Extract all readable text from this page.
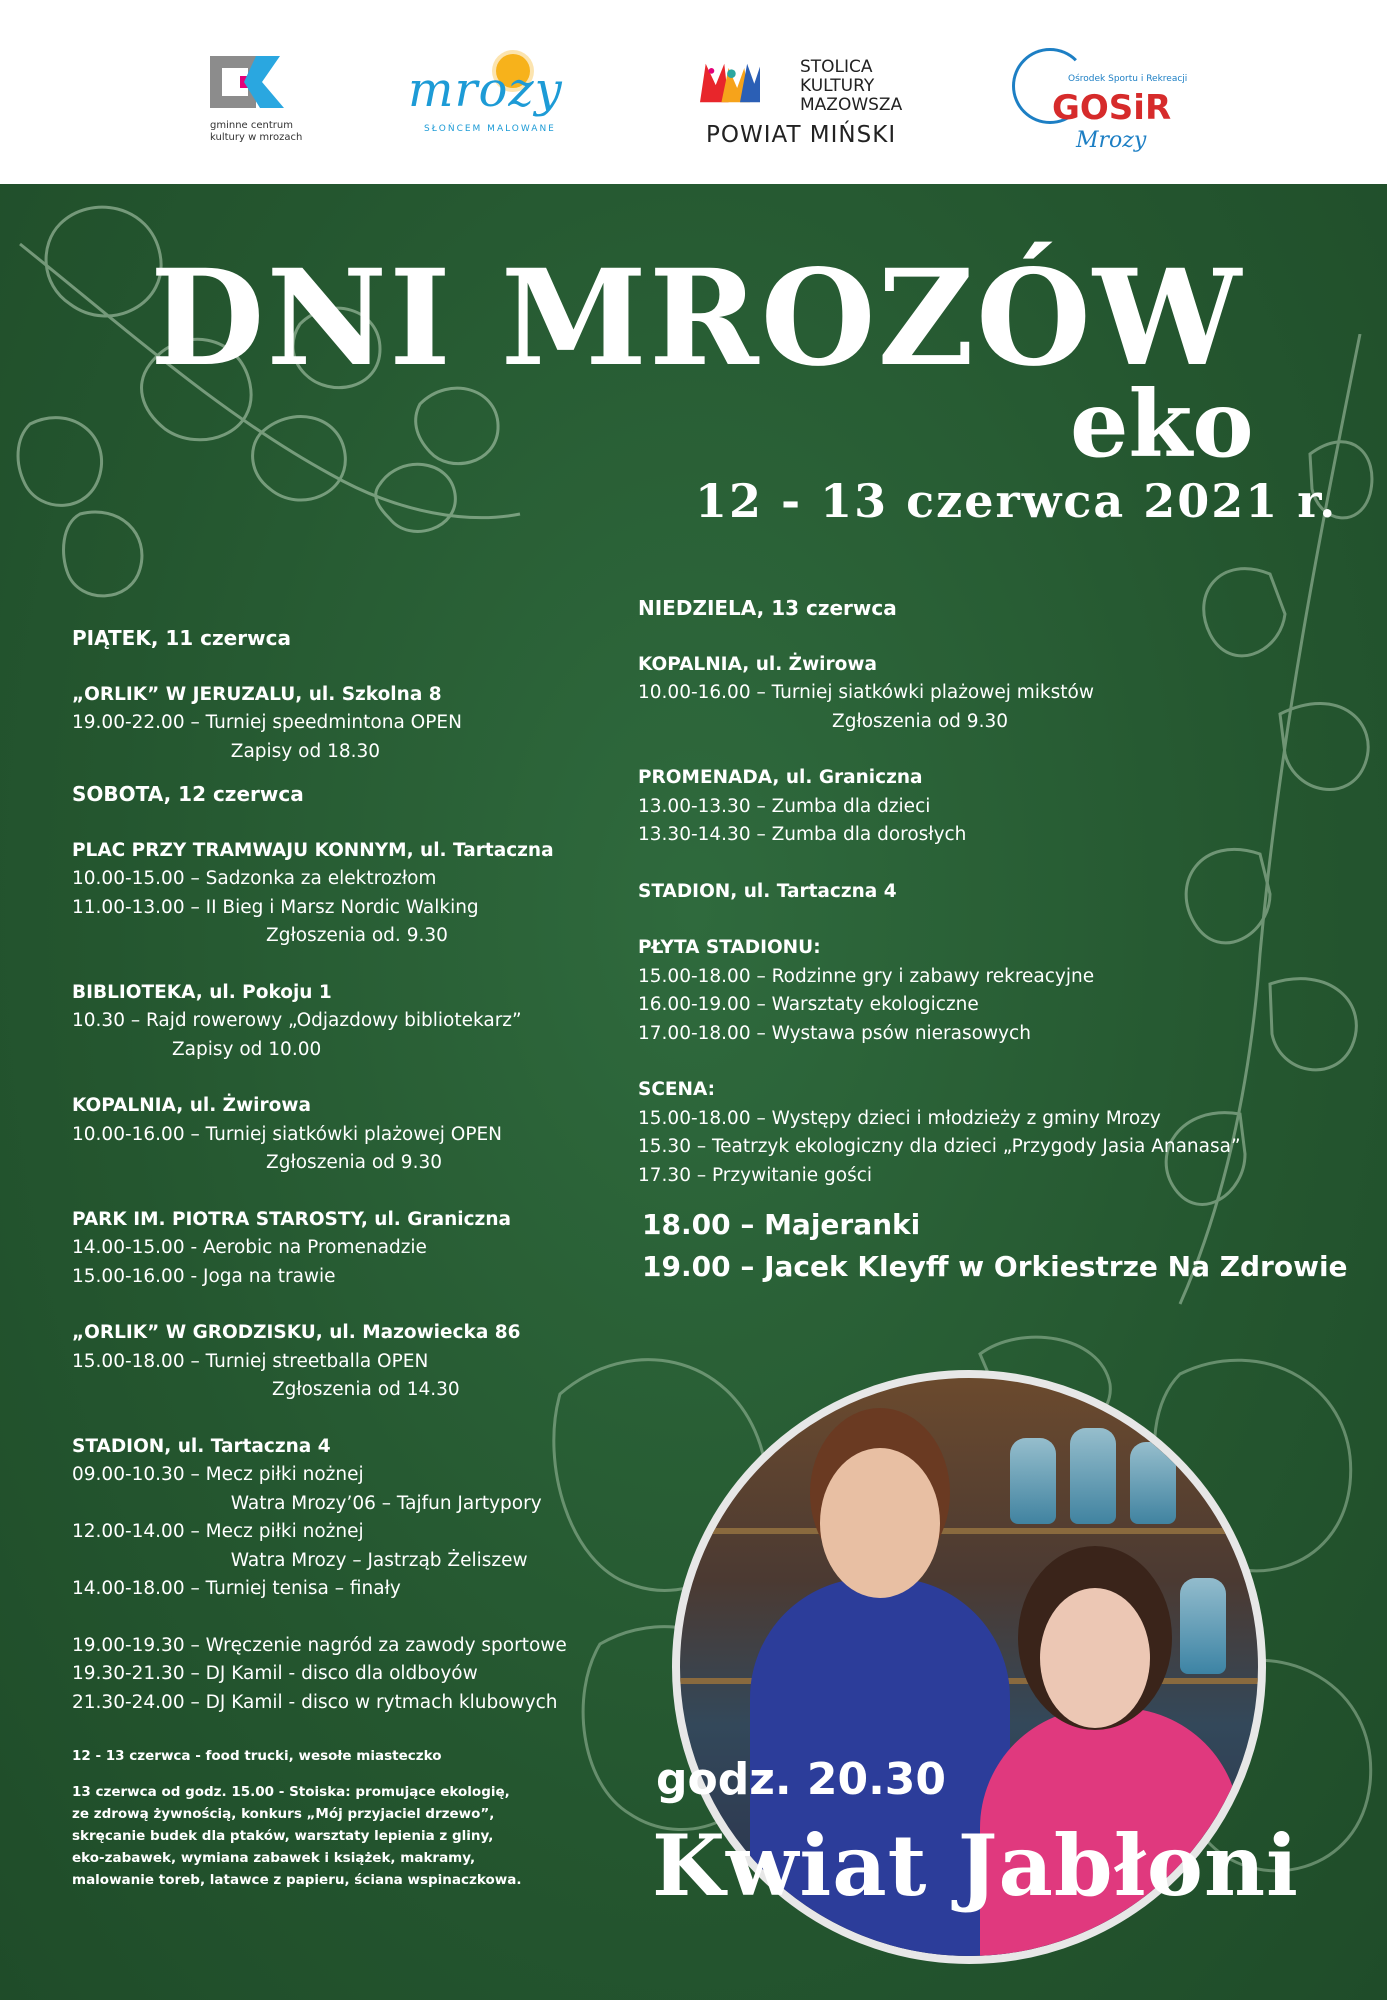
gminne centrum
kultury w mrozach
mrozy
SŁOŃCEM MALOWANE
STOLICA
KULTURY
MAZOWSZA
POWIAT MIŃSKI
Ośrodek Sportu i Rekreacji
GOSiR
Mrozy
DNI MROZÓW
eko
12 - 13 czerwca 2021 r.

PIĄTEK, 11 czerwca

„ORLIK” W JERUZALU, ul. Szkolna 8

19.00-22.00 – Turniej speedmintona OPEN

Zapisy od 18.30

SOBOTA, 12 czerwca

PLAC PRZY TRAMWAJU KONNYM, ul. Tartaczna

10.00-15.00 – Sadzonka za elektrozłom

11.00-13.00 – II Bieg i Marsz Nordic Walking

Zgłoszenia od. 9.30

BIBLIOTEKA, ul. Pokoju 1

10.30 – Rajd rowerowy „Odjazdowy bibliotekarz”

Zapisy od 10.00

KOPALNIA, ul. Żwirowa

10.00-16.00 – Turniej siatkówki plażowej OPEN

Zgłoszenia od 9.30

PARK IM. PIOTRA STAROSTY, ul. Graniczna

14.00-15.00 - Aerobic na Promenadzie

15.00-16.00 - Joga na trawie

„ORLIK” W GRODZISKU, ul. Mazowiecka 86

15.00-18.00 – Turniej streetballa OPEN

Zgłoszenia od 14.30

STADION, ul. Tartaczna 4

09.00-10.30 – Mecz piłki nożnej

Watra Mrozy’06 – Tajfun Jartypory

12.00-14.00 – Mecz piłki nożnej

Watra Mrozy – Jastrząb Żeliszew

14.00-18.00 – Turniej tenisa – finały

19.00-19.30 – Wręczenie nagród za zawody sportowe

19.30-21.30 – DJ Kamil - disco dla oldboyów

21.30-24.00 – DJ Kamil - disco w rytmach klubowych

12 - 13 czerwca - food trucki, wesołe miasteczko

13 czerwca od godz. 15.00 - Stoiska: promujące ekologię,
ze zdrową żywnością, konkurs „Mój przyjaciel drzewo”,
skręcanie budek dla ptaków, warsztaty lepienia z gliny,
eko-zabawek, wymiana zabawek i książek, makramy,
malowanie toreb, latawce z papieru, ściana wspinaczkowa.

NIEDZIELA, 13 czerwca

KOPALNIA, ul. Żwirowa

10.00-16.00 – Turniej siatkówki plażowej mikstów

Zgłoszenia od 9.30

PROMENADA, ul. Graniczna

13.00-13.30 – Zumba dla dzieci

13.30-14.30 – Zumba dla dorosłych

STADION, ul. Tartaczna 4

PŁYTA STADIONU:

15.00-18.00 – Rodzinne gry i zabawy rekreacyjne

16.00-19.00 – Warsztaty ekologiczne

17.00-18.00 – Wystawa psów nierasowych

SCENA:

15.00-18.00 – Występy dzieci i młodzieży z gminy Mrozy

15.30 – Teatrzyk ekologiczny dla dzieci „Przygody Jasia Ananasa”

17.30 – Przywitanie gości

18.00 – Majeranki

19.00 – Jacek Kleyff w Orkiestrze Na Zdrowie

godz. 20.30
Kwiat Jabłoni
